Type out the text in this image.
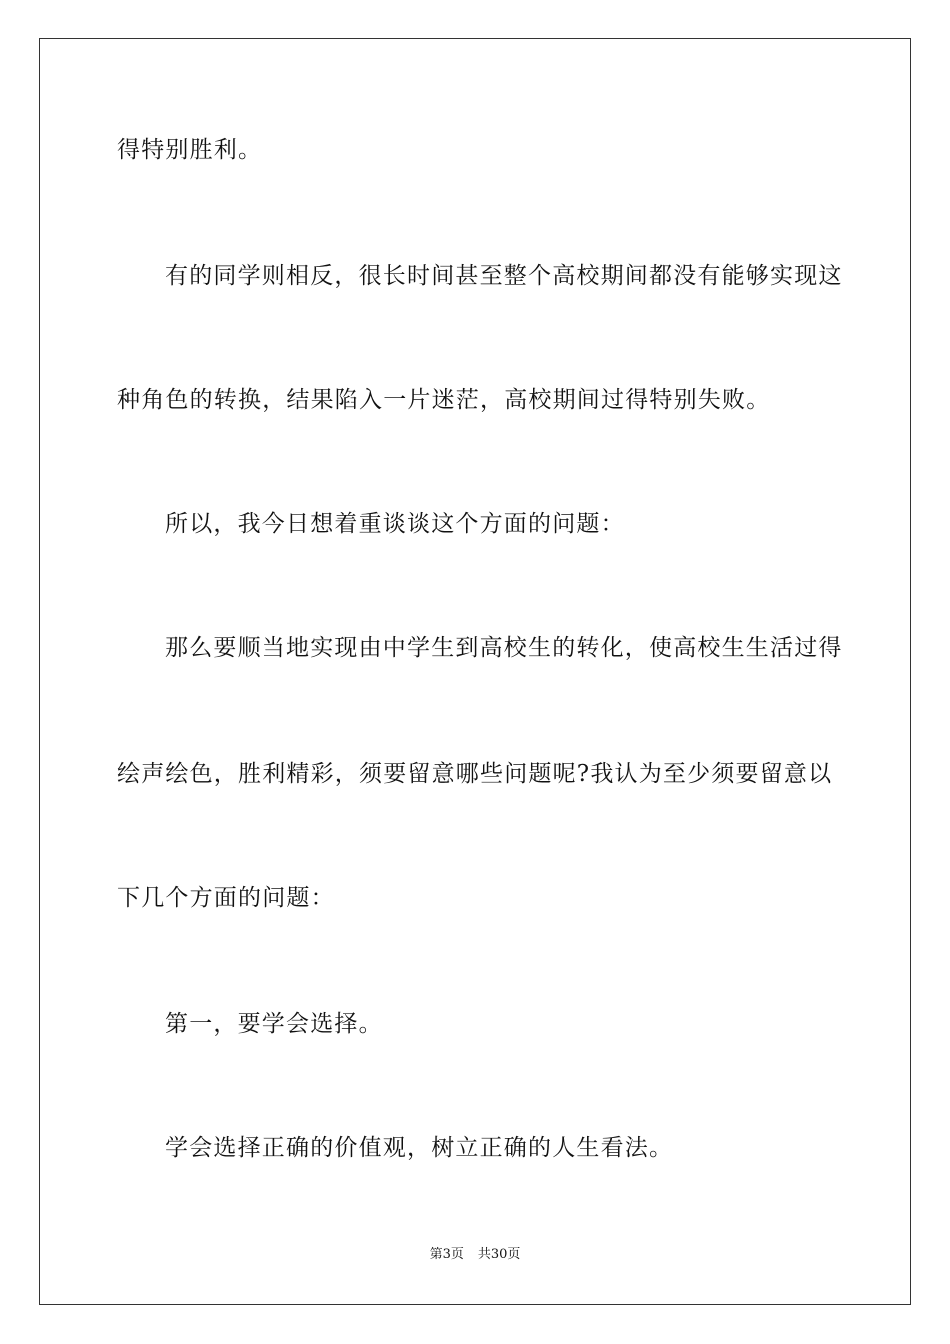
得特别胜利。
有的同学则相反，很长时间甚至整个高校期间都没有能够实现这
种角色的转换，结果陷入一片迷茫，高校期间过得特别失败。
所以，我今日想着重谈谈这个方面的问题：
那么要顺当地实现由中学生到高校生的转化，使高校生生活过得
绘声绘色，胜利精彩，须要留意哪些问题呢?我认为至少须要留意以
下几个方面的问题：
第一，要学会选择。
学会选择正确的价值观，树立正确的人生看法。
第3页 共30页
